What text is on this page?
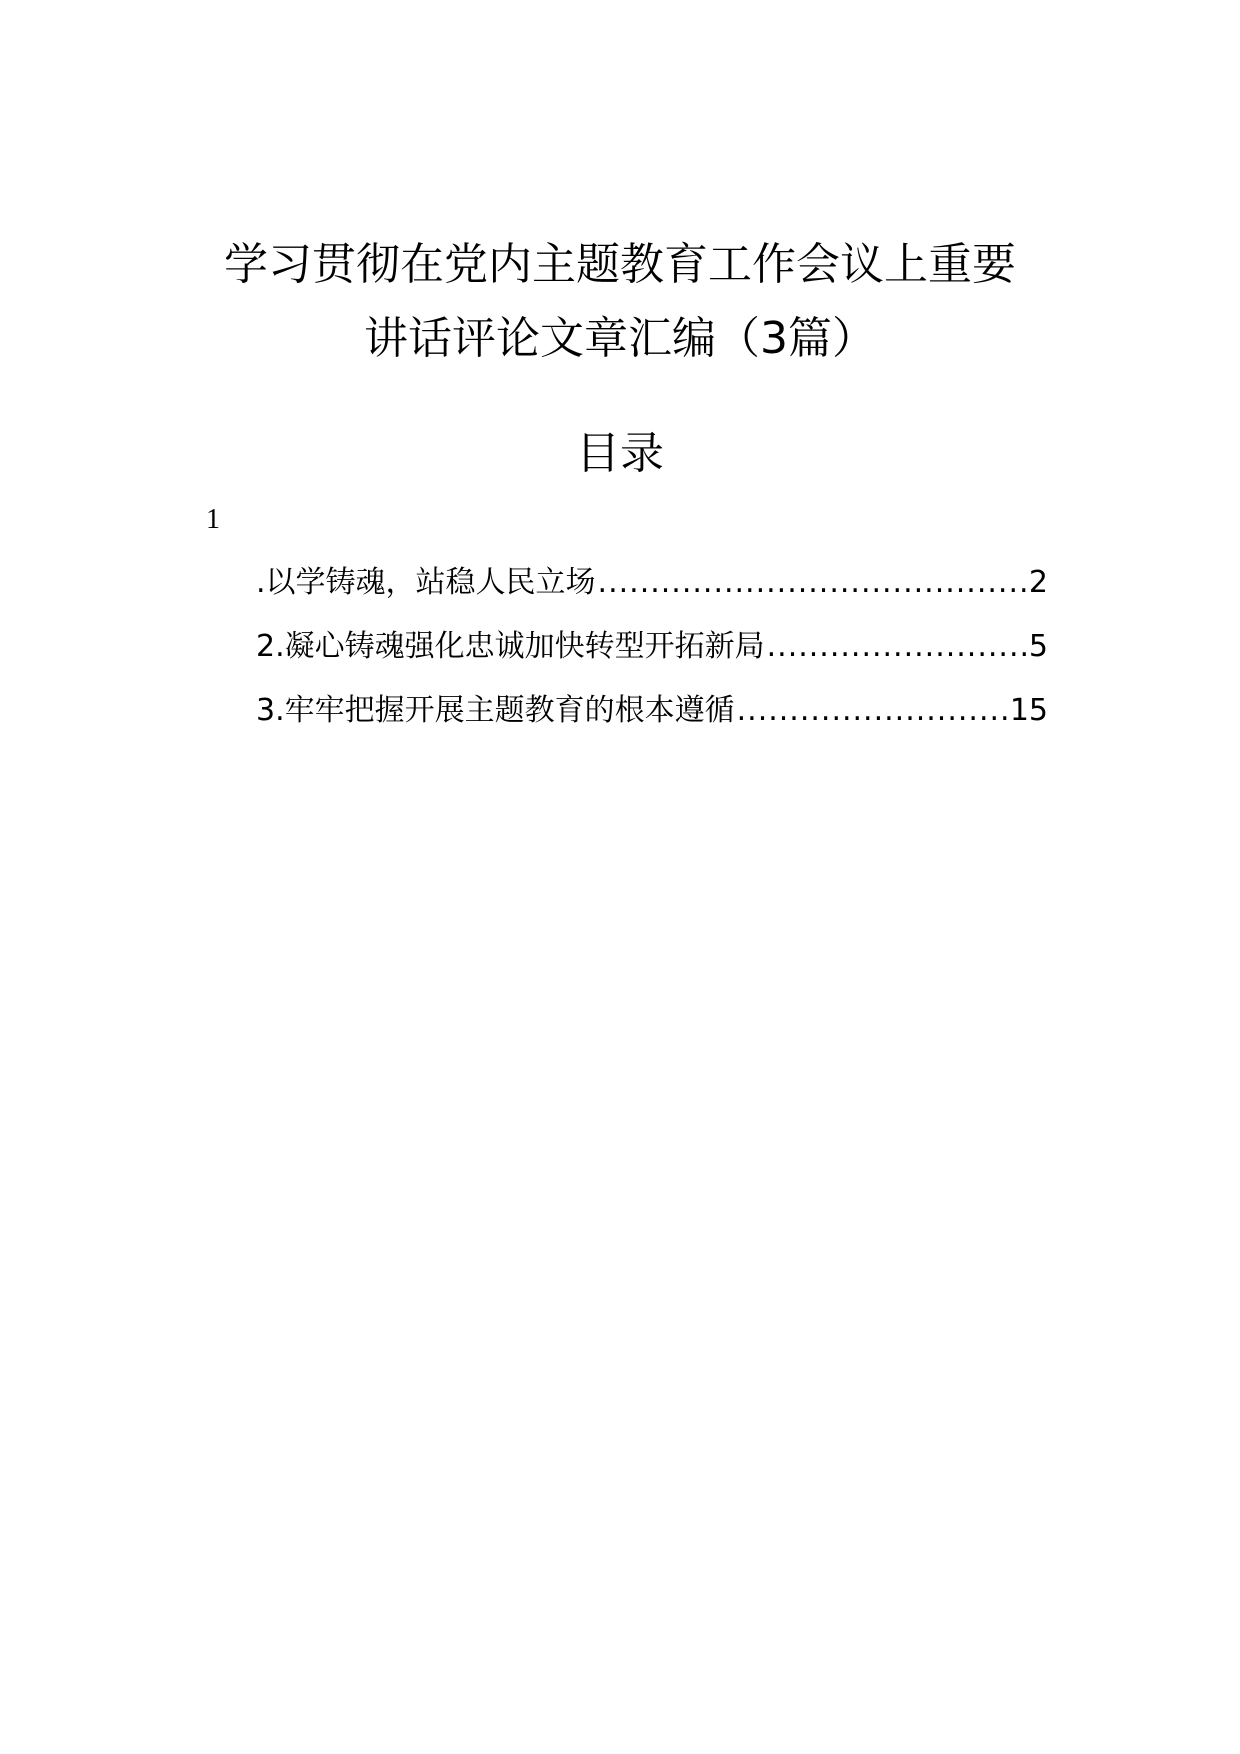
学习贯彻在党内主题教育工作会议上重要
讲话评论文章汇编（3篇）
目录
1
.以学铸魂，站稳人民立场 .....	2
2.凝心铸魂强化忠诚加快转型开拓新局 .....	5
3.牢牢把握开展主题教育的根本遵循 .....	15
